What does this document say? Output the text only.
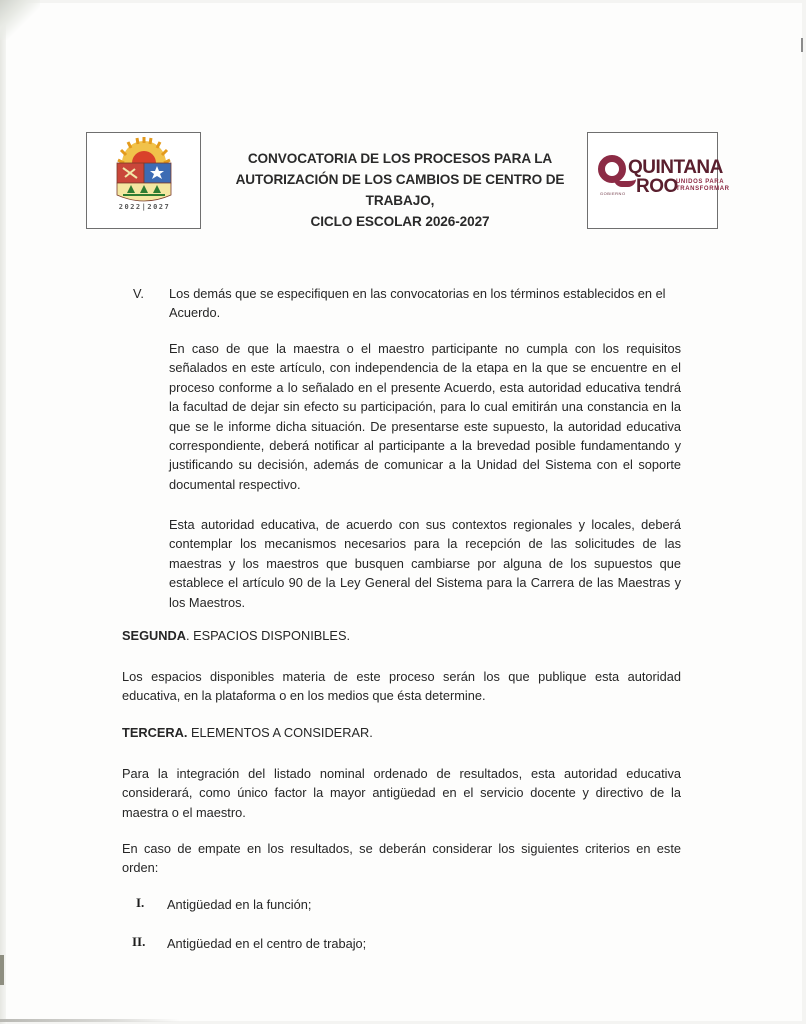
2022|2027
CONVOCATORIA DE LOS PROCESOS PARA LA
AUTORIZACIÓN DE LOS CAMBIOS DE CENTRO DE TRABAJO,
CICLO ESCOLAR 2026-2027
QUINTANA
ROO
GOBIERNO
UNIDOS PARA
TRANSFORMAR
V. Los demás que se especifiquen en las convocatorias en los términos establecidos en el Acuerdo.

En caso de que la maestra o el maestro participante no cumpla con los requisitos señalados en este artículo, con independencia de la etapa en la que se encuentre en el proceso conforme a lo señalado en el presente Acuerdo, esta autoridad educativa tendrá la facultad de dejar sin efecto su participación, para lo cual emitirán una constancia en la que se le informe dicha situación. De presentarse este supuesto, la autoridad educativa correspondiente, deberá notificar al participante a la brevedad posible fundamentando y justificando su decisión, además de comunicar a la Unidad del Sistema con el soporte documental respectivo.

Esta autoridad educativa, de acuerdo con sus contextos regionales y locales, deberá contemplar los mecanismos necesarios para la recepción de las solicitudes de las maestras y los maestros que busquen cambiarse por alguna de los supuestos que establece el artículo 90 de la Ley General del Sistema para la Carrera de las Maestras y los Maestros.

SEGUNDA. ESPACIOS DISPONIBLES.

Los espacios disponibles materia de este proceso serán los que publique esta autoridad educativa, en la plataforma o en los medios que ésta determine.

TERCERA. ELEMENTOS A CONSIDERAR.

Para la integración del listado nominal ordenado de resultados, esta autoridad educativa considerará, como único factor la mayor antigüedad en el servicio docente y directivo de la maestra o el maestro.

En caso de empate en los resultados, se deberán considerar los siguientes criterios en este orden:

I. Antigüedad en la función;
II. Antigüedad en el centro de trabajo;
